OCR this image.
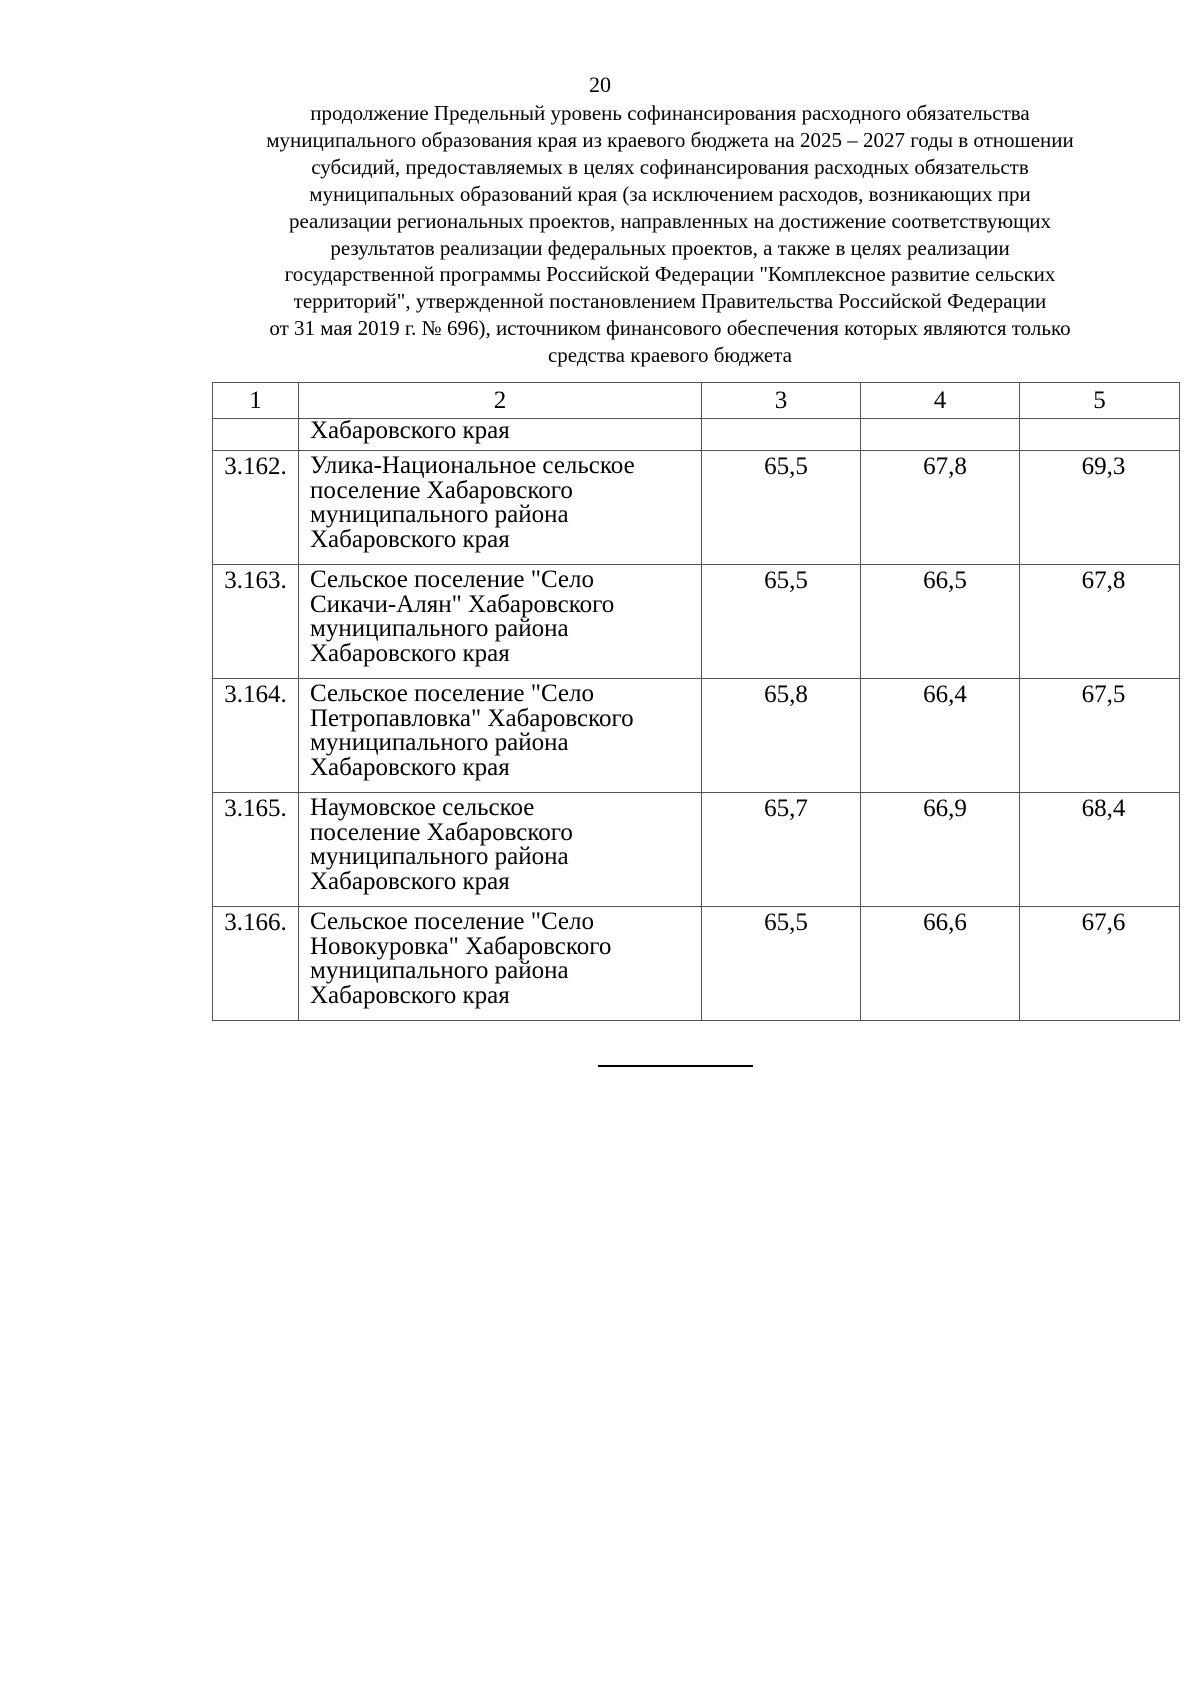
20
продолжение Предельный уровень софинансирования расходного обязательства
муниципального образования края из краевого бюджета на 2025 – 2027 годы в отношении
субсидий, предоставляемых в целях софинансирования расходных обязательств
муниципальных образований края (за исключением расходов, возникающих при
реализации региональных проектов, направленных на достижение соответствующих
результатов реализации федеральных проектов, а также в целях реализации
государственной программы Российской Федерации "Комплексное развитие сельских
территорий", утвержденной постановлением Правительства Российской Федерации
от 31 мая 2019 г. № 696), источником финансового обеспечения которых являются только
средства краевого бюджета
1	2	3	4	5
	Хабаровского края			
3.162.	Улика-Национальное сельское
поселение Хабаровского
муниципального района
Хабаровского края	65,5	67,8	69,3
3.163.	Сельское поселение "Село
Сикачи-Алян" Хабаровского
муниципального района
Хабаровского края	65,5	66,5	67,8
3.164.	Сельское поселение "Село
Петропавловка" Хабаровского
муниципального района
Хабаровского края	65,8	66,4	67,5
3.165.	Наумовское сельское
поселение Хабаровского
муниципального района
Хабаровского края	65,7	66,9	68,4
3.166.	Сельское поселение "Село
Новокуровка" Хабаровского
муниципального района
Хабаровского края	65,5	66,6	67,6
